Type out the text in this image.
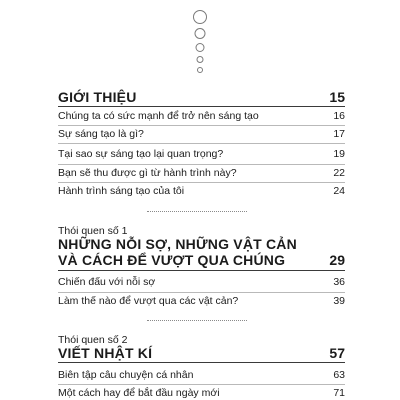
GIỚI THIỆU	15
Chúng ta có sức mạnh để trở nên sáng tạo	16
Sự sáng tạo là gì?	17
Tại sao sự sáng tạo lại quan trọng?	19
Bạn sẽ thu được gì từ hành trình này?	22
Hành trình sáng tạo của tôi	24
Thói quen số 1
NHỮNG NỖI SỢ, NHỮNG VẬT CẢN
VÀ CÁCH ĐỂ VƯỢT QUA CHÚNG	29
Chiến đấu với nỗi sợ	36
Làm thế nào để vượt qua các vật cản?	39
Thói quen số 2
VIẾT NHẬT KÍ	57
Biên tập câu chuyện cá nhân	63
Một cách hay để bắt đầu ngày mới	71
